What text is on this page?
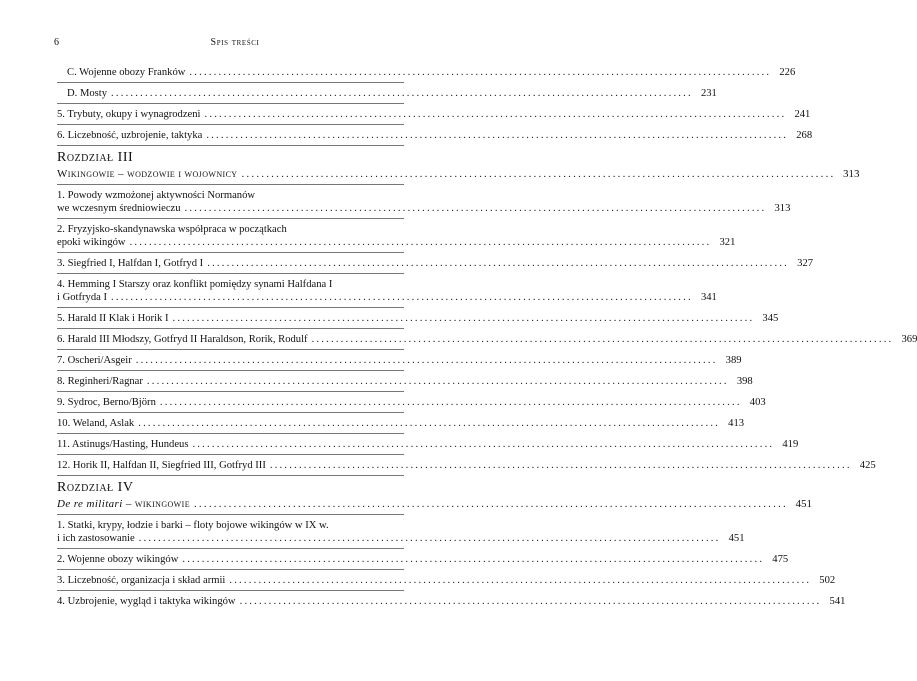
6	Spis treści
C. Wojenne obozy Franków ........................................................................................................................ 226
D. Mosty ........................................................................................................................ 231
5. Trybuty, okupy i wynagrodzeni ........................................................................................................................ 241
6. Liczebność, uzbrojenie, taktyka ........................................................................................................................ 268
Rozdział III
Wikingowie – wodzowie i wojownicy ........................................................................................................................ 313
1. Powody wzmożonej aktywności Normanów
we wczesnym średniowieczu ........................................................................................................................ 313
2. Fryzyjsko-skandynawska współpraca w początkach
epoki wikingów ........................................................................................................................ 321
3. Siegfried I, Halfdan I, Gotfryd I ........................................................................................................................ 327
4. Hemming I Starszy oraz konflikt pomiędzy synami Halfdana I
i Gotfryda I ........................................................................................................................ 341
5. Harald II Klak i Horik I ........................................................................................................................ 345
6. Harald III Młodszy, Gotfryd II Haraldson, Rorik, Rodulf ........................................................................................................................ 369
7. Oscheri/Asgeir ........................................................................................................................ 389
8. Reginheri/Ragnar ........................................................................................................................ 398
9. Sydroc, Berno/Björn ........................................................................................................................ 403
10. Weland, Aslak ........................................................................................................................ 413
11. Astinugs/Hasting, Hundeus ........................................................................................................................ 419
12. Horik II, Halfdan II, Siegfried III, Gotfryd III ........................................................................................................................ 425
Rozdział IV
De re militari – wikingowie ........................................................................................................................ 451
1. Statki, krypy, łodzie i barki – floty bojowe wikingów w IX w.
i ich zastosowanie ........................................................................................................................ 451
2. Wojenne obozy wikingów ........................................................................................................................ 475
3. Liczebność, organizacja i skład armii ........................................................................................................................ 502
4. Uzbrojenie, wygląd i taktyka wikingów ........................................................................................................................ 541
